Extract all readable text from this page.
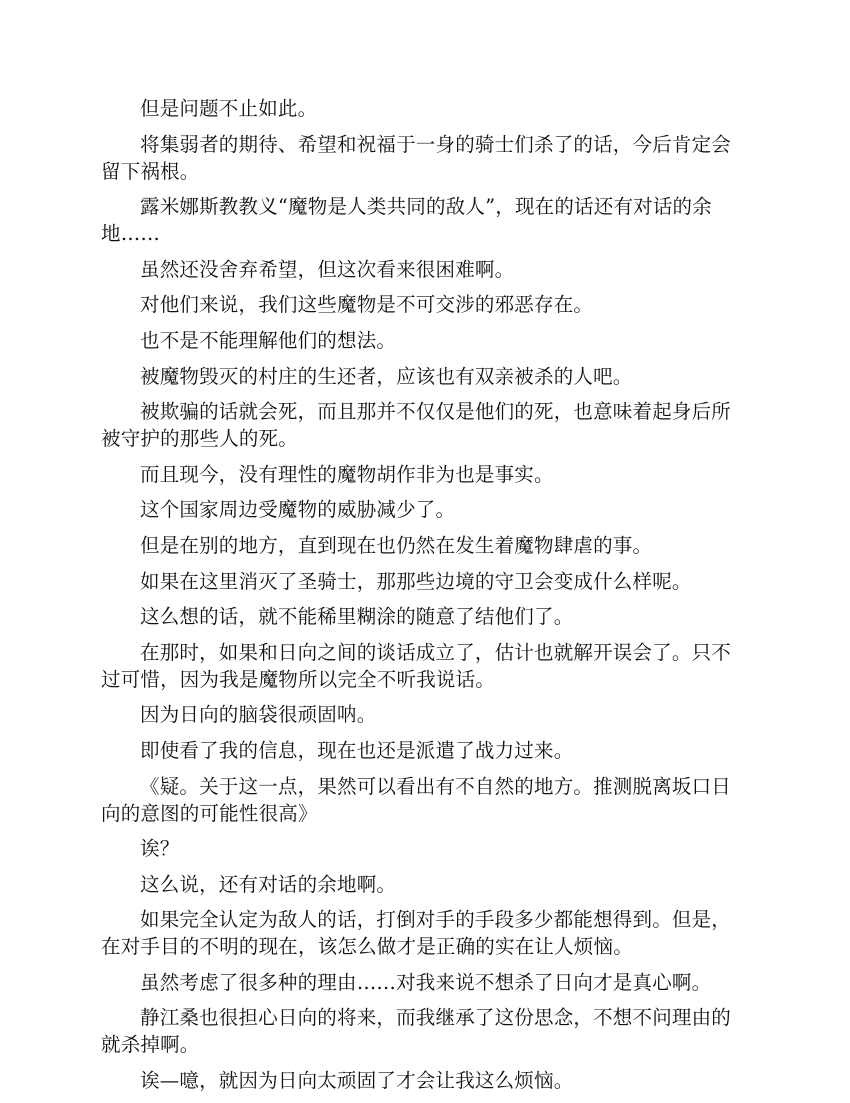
但是问题不止如此。

将集弱者的期待、希望和祝福于一身的骑士们杀了的话，今后肯定会留下祸根。

露米娜斯教教义“魔物是人类共同的敌人”，现在的话还有对话的余地……

虽然还没舍弃希望，但这次看来很困难啊。

对他们来说，我们这些魔物是不可交涉的邪恶存在。

也不是不能理解他们的想法。

被魔物毁灭的村庄的生还者，应该也有双亲被杀的人吧。

被欺骗的话就会死，而且那并不仅仅是他们的死，也意味着起身后所被守护的那些人的死。

而且现今，没有理性的魔物胡作非为也是事实。

这个国家周边受魔物的威胁减少了。

但是在别的地方，直到现在也仍然在发生着魔物肆虐的事。

如果在这里消灭了圣骑士，那那些边境的守卫会变成什么样呢。

这么想的话，就不能稀里糊涂的随意了结他们了。

在那时，如果和日向之间的谈话成立了，估计也就解开误会了。只不过可惜，因为我是魔物所以完全不听我说话。

因为日向的脑袋很顽固呐。

即使看了我的信息，现在也还是派遣了战力过来。

《疑。关于这一点，果然可以看出有不自然的地方。推测脱离坂口日向的意图的可能性很高》

诶？

这么说，还有对话的余地啊。

如果完全认定为敌人的话，打倒对手的手段多少都能想得到。但是，在对手目的不明的现在，该怎么做才是正确的实在让人烦恼。

虽然考虑了很多种的理由……对我来说不想杀了日向才是真心啊。

静江桑也很担心日向的将来，而我继承了这份思念，不想不问理由的就杀掉啊。

诶—噫，就因为日向太顽固了才会让我这么烦恼。
